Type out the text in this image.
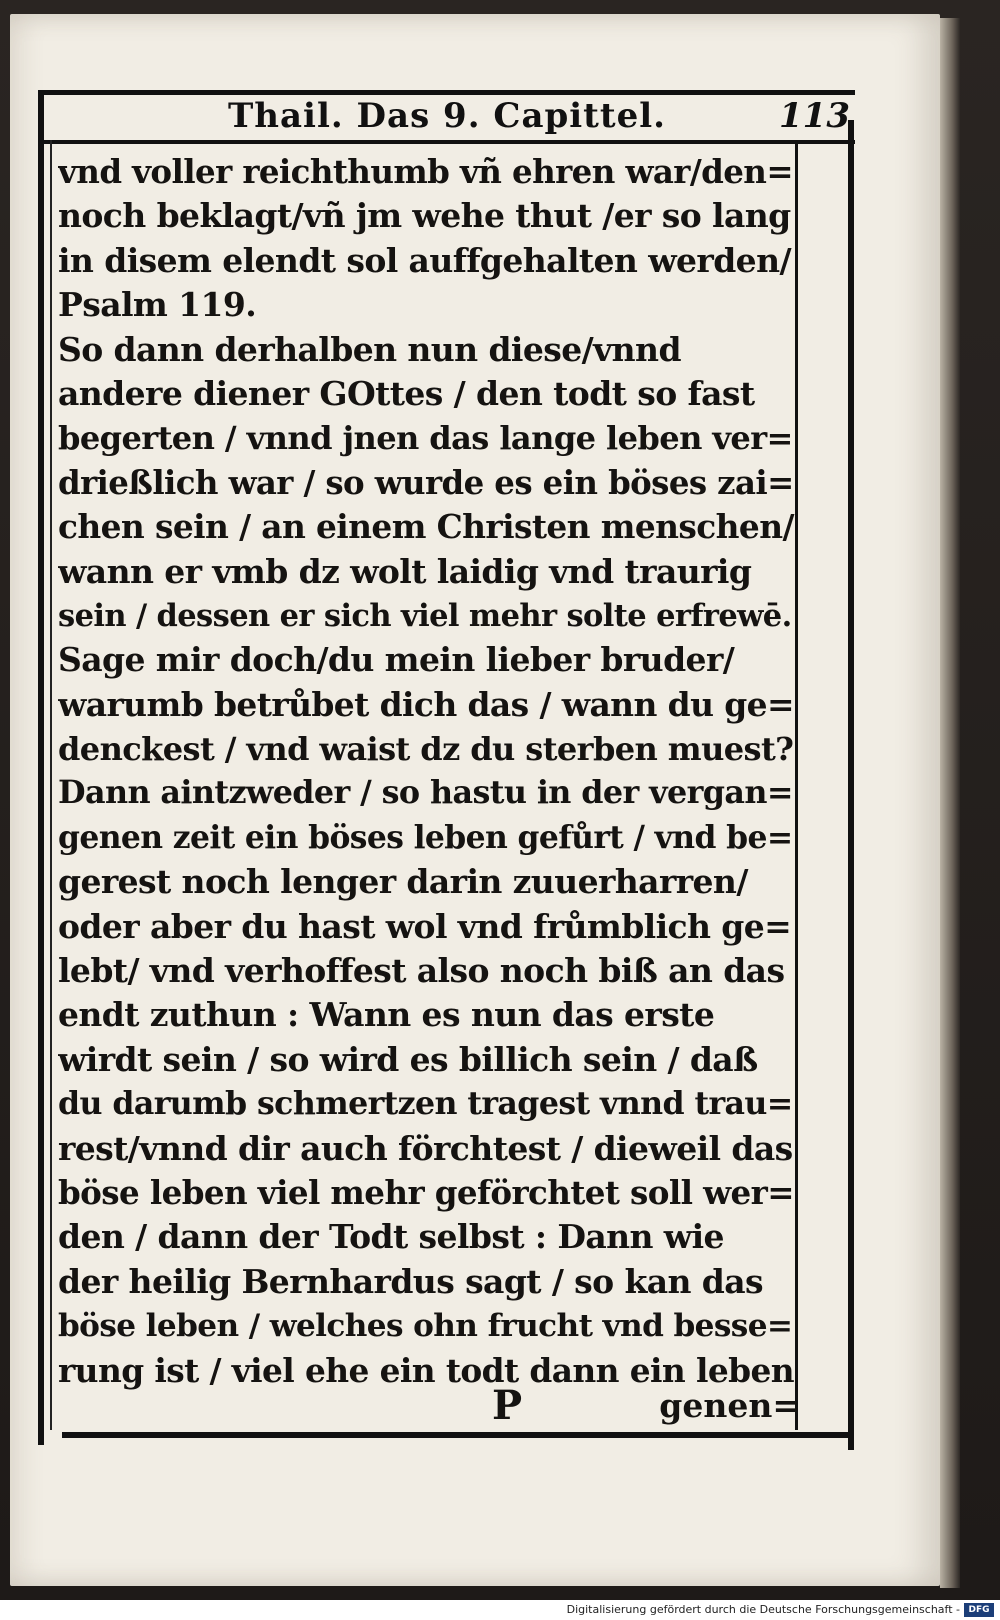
Thail. Das 9. Capittel.	113
vnd voller reichthumb vñ ehren war/den=
noch beklagt/vñ jm wehe thut /er so lang
in disem elendt sol auffgehalten werden/
Psalm 119.
So dann derhalben nun diese/vnnd
andere diener GOttes / den todt so fast
begerten / vnnd jnen das lange leben ver=
drießlich war / so wurde es ein böses zai=
chen sein / an einem Christen menschen/
wann er vmb dz wolt laidig vnd traurig
sein / dessen er sich viel mehr solte erfrewē.
Sage mir doch/du mein lieber bruder/
warumb betrůbet dich das / wann du ge=
denckest / vnd waist dz du sterben muest?
Dann aintzweder / so hastu in der vergan=
genen zeit ein böses leben gefůrt / vnd be=
gerest noch lenger darin zuuerharren/
oder aber du hast wol vnd frůmblich ge=
lebt/ vnd verhoffest also noch biß an das
endt zuthun : Wann es nun das erste
wirdt sein / so wird es billich sein / daß
du darumb schmertzen tragest vnnd trau=
rest/vnnd dir auch förchtest / dieweil das
böse leben viel mehr geförchtet soll wer=
den / dann der Todt selbst : Dann wie
der heilig Bernhardus sagt / so kan das
böse leben / welches ohn frucht vnd besse=
rung ist / viel ehe ein todt dann ein leben
P	genen=
Digitalisierung gefördert durch die Deutsche Forschungsgemeinschaft - DFG
